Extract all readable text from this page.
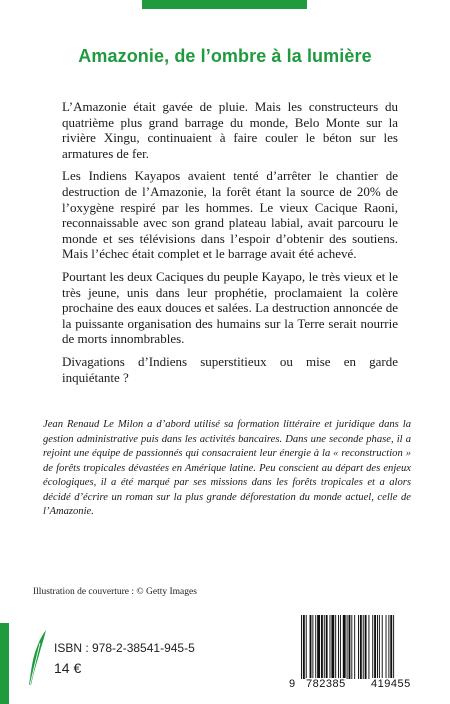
Amazonie, de l’ombre à la lumière

L’Amazonie était gavée de pluie. Mais les constructeurs du quatrième plus grand barrage du monde, Belo Monte sur la rivière Xingu, continuaient à faire couler le béton sur les armatures de fer.

Les Indiens Kayapos avaient tenté d’arrêter le chantier de destruction de l’Amazonie, la forêt étant la source de 20% de l’oxygène respiré par les hommes. Le vieux Cacique Raoni, reconnaissable avec son grand plateau labial, avait parcouru le monde et ses télévisions dans l’espoir d’obtenir des soutiens. Mais l’échec était complet et le barrage avait été achevé.

Pourtant les deux Caciques du peuple Kayapo, le très vieux et le très jeune, unis dans leur prophétie, proclamaient la colère prochaine des eaux douces et salées. La destruction annoncée de la puissante organisation des humains sur la Terre serait nourrie de morts innombrables.

Divagations d’Indiens superstitieux ou mise en garde inquiétante ?

Jean Renaud Le Milon a d’abord utilisé sa formation littéraire et juridique dans la gestion administrative puis dans les activités bancaires. Dans une seconde phase, il a rejoint une équipe de passionnés qui consacraient leur énergie à la « reconstruction » de forêts tropicales dévastées en Amérique latine. Peu conscient au départ des enjeux écologiques, il a été marqué par ses missions dans les forêts tropicales et a alors décidé d’écrire un roman sur la plus grande déforestation du monde actuel, celle de l’Amazonie.
Illustration de couverture : © Getty Images
ISBN : 978-2-38541-945-5
14 €
9 782385 419455
